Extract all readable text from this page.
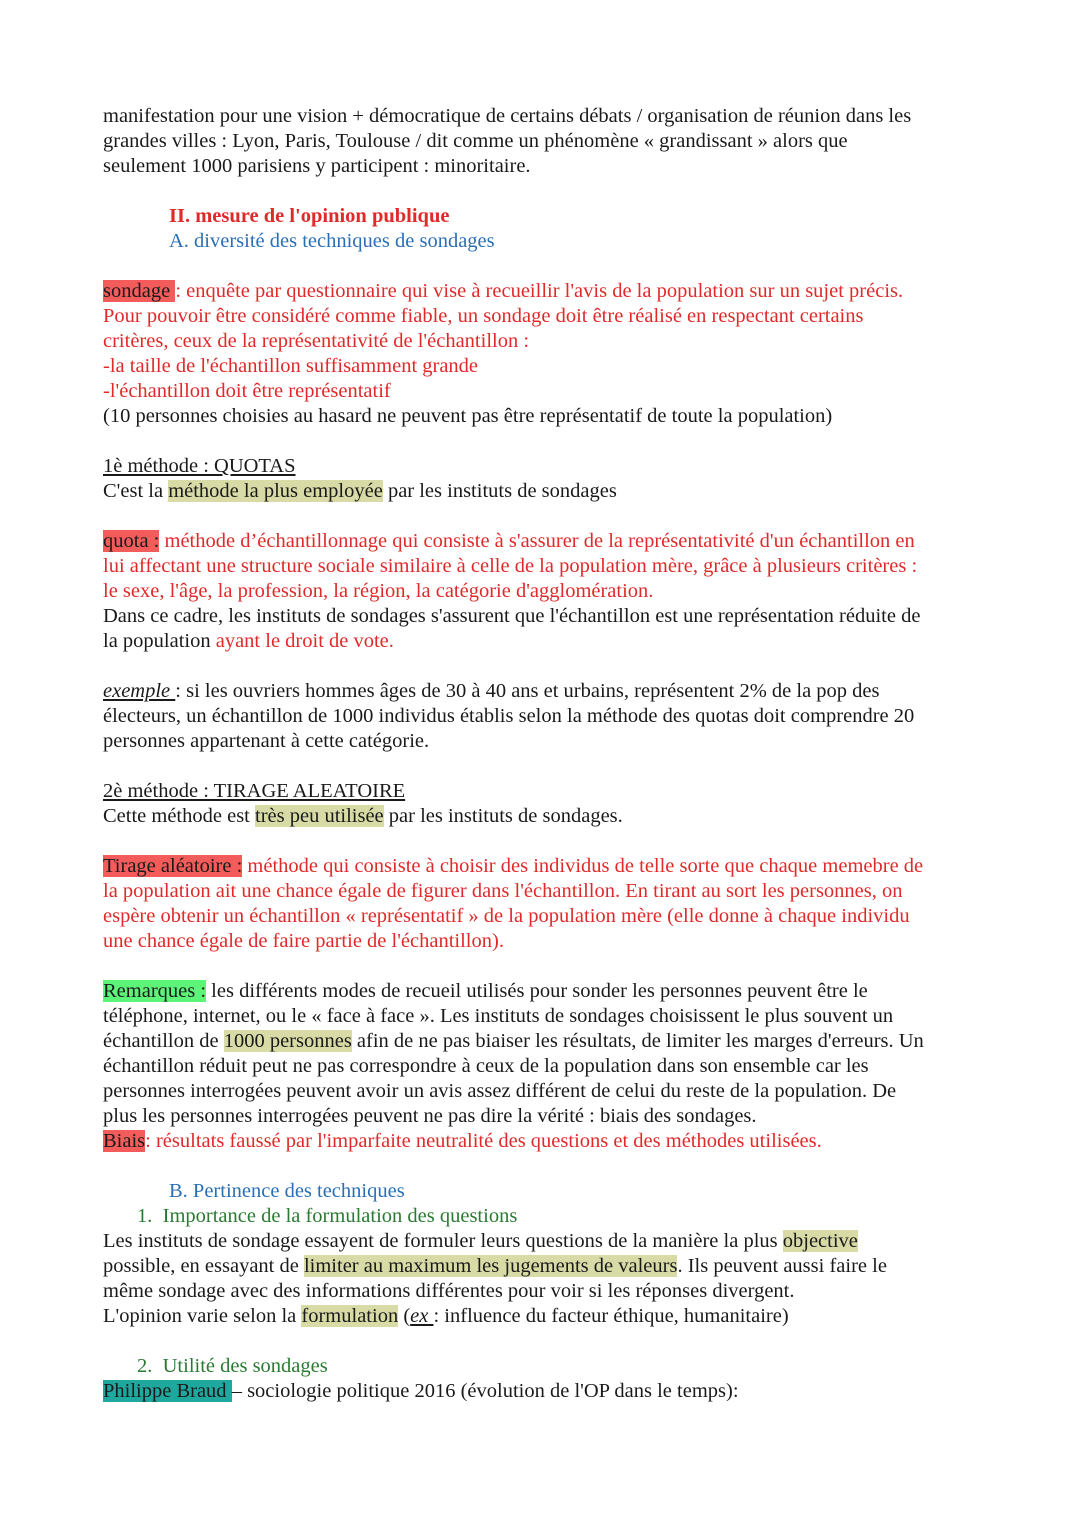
manifestation pour une vision + démocratique de certains débats / organisation de réunion dans les

grandes villes : Lyon, Paris, Toulouse / dit comme un phénomène « grandissant » alors que

seulement 1000 parisiens y participent : minoritaire.

II. mesure de l'opinion publique

A. diversité des techniques de sondages

sondage : enquête par questionnaire qui vise à recueillir l'avis de la population sur un sujet précis.

Pour pouvoir être considéré comme fiable, un sondage doit être réalisé en respectant certains

critères, ceux de la représentativité de l'échantillon :

-la taille de l'échantillon suffisamment grande

-l'échantillon doit être représentatif

(10 personnes choisies au hasard ne peuvent pas être représentatif de toute la population)

1è méthode : QUOTAS

C'est la méthode la plus employée par les instituts de sondages

quota : méthode d’échantillonnage qui consiste à s'assurer de la représentativité d'un échantillon en

lui affectant une structure sociale similaire à celle de la population mère, grâce à plusieurs critères :

le sexe, l'âge, la profession, la région, la catégorie d'agglomération.

Dans ce cadre, les instituts de sondages s'assurent que l'échantillon est une représentation réduite de

la population ayant le droit de vote.

exemple : si les ouvriers hommes âges de 30 à 40 ans et urbains, représentent 2% de la pop des

électeurs, un échantillon de 1000 individus établis selon la méthode des quotas doit comprendre 20

personnes appartenant à cette catégorie.

2è méthode : TIRAGE ALEATOIRE

Cette méthode est très peu utilisée par les instituts de sondages.

Tirage aléatoire : méthode qui consiste à choisir des individus de telle sorte que chaque memebre de

la population ait une chance égale de figurer dans l'échantillon. En tirant au sort les personnes, on

espère obtenir un échantillon « représentatif » de la population mère (elle donne à chaque individu

une chance égale de faire partie de l'échantillon).

Remarques : les différents modes de recueil utilisés pour sonder les personnes peuvent être le

téléphone, internet, ou le « face à face ». Les instituts de sondages choisissent le plus souvent un

échantillon de 1000 personnes afin de ne pas biaiser les résultats, de limiter les marges d'erreurs. Un

échantillon réduit peut ne pas correspondre à ceux de la population dans son ensemble car les

personnes interrogées peuvent avoir un avis assez différent de celui du reste de la population. De

plus les personnes interrogées peuvent ne pas dire la vérité : biais des sondages.

Biais: résultats faussé par l'imparfaite neutralité des questions et des méthodes utilisées.

B. Pertinence des techniques

1.  Importance de la formulation des questions

Les instituts de sondage essayent de formuler leurs questions de la manière la plus objective

possible, en essayant de limiter au maximum les jugements de valeurs. Ils peuvent aussi faire le

même sondage avec des informations différentes pour voir si les réponses divergent.

L'opinion varie selon la formulation (ex : influence du facteur éthique, humanitaire)

2.  Utilité des sondages

Philippe Braud – sociologie politique 2016 (évolution de l'OP dans le temps):
